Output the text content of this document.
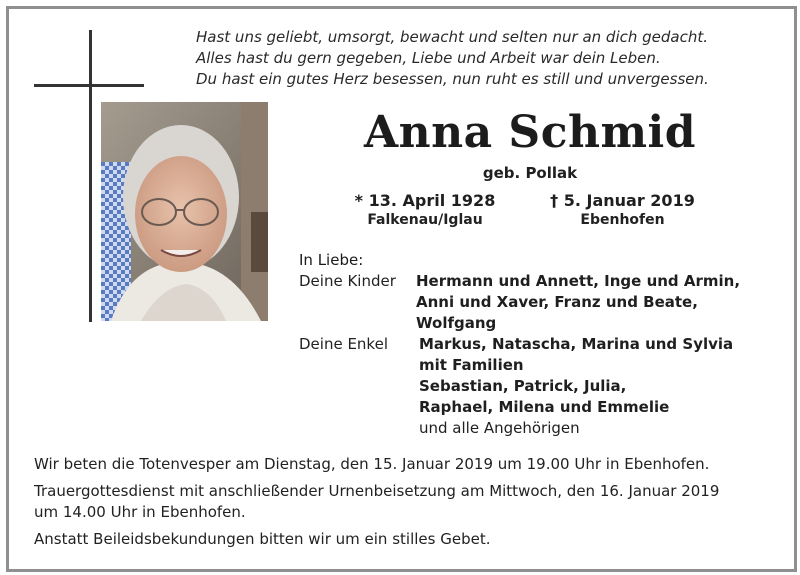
Hast uns geliebt, umsorgt, bewacht und selten nur an dich gedacht.
Alles hast du gern gegeben, Liebe und Arbeit war dein Leben.
Du hast ein gutes Herz besessen, nun ruht es still und unvergessen.
Anna Schmid
geb. Pollak
* 13. April 1928
Falkenau/Iglau
† 5. Januar 2019
Ebenhofen
In Liebe:
Deine Kinder Hermann und Annett, Inge und Armin,
Anni und Xaver, Franz und Beate,
Wolfgang
Deine Enkel Markus, Natascha, Marina und Sylvia
mit Familien
Sebastian, Patrick, Julia,
Raphael, Milena und Emmelie
und alle Angehörigen

Wir beten die Totenvesper am Dienstag, den 15. Januar 2019 um 19.00 Uhr in Ebenhofen.

Trauergottesdienst mit anschließender Urnenbeisetzung am Mittwoch, den 16. Januar 2019
um 14.00 Uhr in Ebenhofen.

Anstatt Beileidsbekundungen bitten wir um ein stilles Gebet.
